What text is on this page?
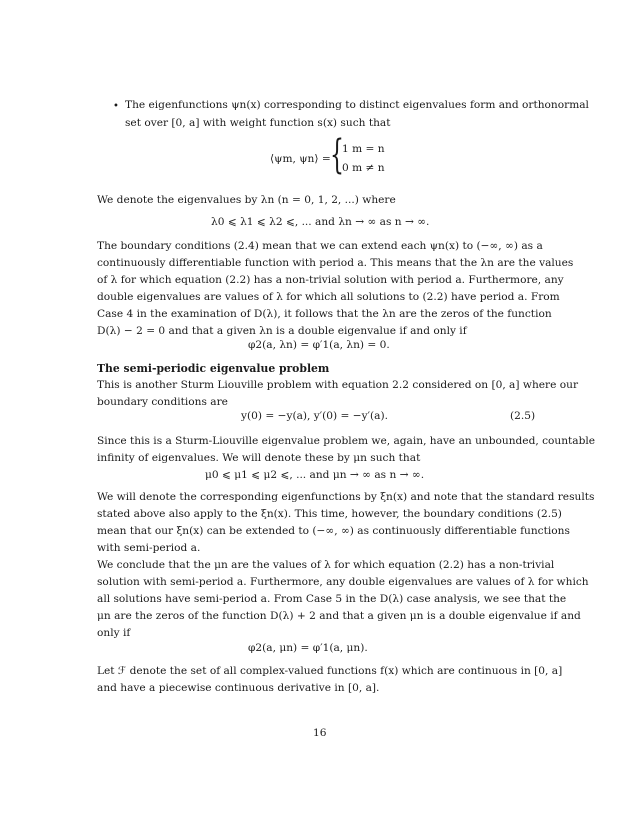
• The eigenfunctions ψn(x) corresponding to distinct eigenvalues form and orthonormal
set over [0, a] with weight function s(x) such that
⟨ψm, ψn⟩ = {
1 m = n
0 m ≠ n
We denote the eigenvalues by λn (n = 0, 1, 2, ...) where
λ0 ⩽ λ1 ⩽ λ2 ⩽, ... and λn → ∞ as n → ∞.
The boundary conditions (2.4) mean that we can extend each ψn(x) to (−∞, ∞) as a
continuously differentiable function with period a. This means that the λn are the values
of λ for which equation (2.2) has a non-trivial solution with period a. Furthermore, any
double eigenvalues are values of λ for which all solutions to (2.2) have period a. From
Case 4 in the examination of D(λ), it follows that the λn are the zeros of the function
D(λ) − 2 = 0 and that a given λn is a double eigenvalue if and only if
φ2(a, λn) = φ′1(a, λn) = 0.
The semi-periodic eigenvalue problem
This is another Sturm Liouville problem with equation 2.2 considered on [0, a] where our
boundary conditions are
y(0) = −y(a), y′(0) = −y′(a).	(2.5)
Since this is a Sturm-Liouville eigenvalue problem we, again, have an unbounded, countable
infinity of eigenvalues. We will denote these by μn such that
μ0 ⩽ μ1 ⩽ μ2 ⩽, ... and μn → ∞ as n → ∞.
We will denote the corresponding eigenfunctions by ξn(x) and note that the standard results
stated above also apply to the ξn(x). This time, however, the boundary conditions (2.5)
mean that our ξn(x) can be extended to (−∞, ∞) as continuously differentiable functions
with semi-period a.
We conclude that the μn are the values of λ for which equation (2.2) has a non-trivial
solution with semi-period a. Furthermore, any double eigenvalues are values of λ for which
all solutions have semi-period a. From Case 5 in the D(λ) case analysis, we see that the
μn are the zeros of the function D(λ) + 2 and that a given μn is a double eigenvalue if and
only if
φ2(a, μn) = φ′1(a, μn).
Let ℱ denote the set of all complex-valued functions f(x) which are continuous in [0, a]
and have a piecewise continuous derivative in [0, a].
16
